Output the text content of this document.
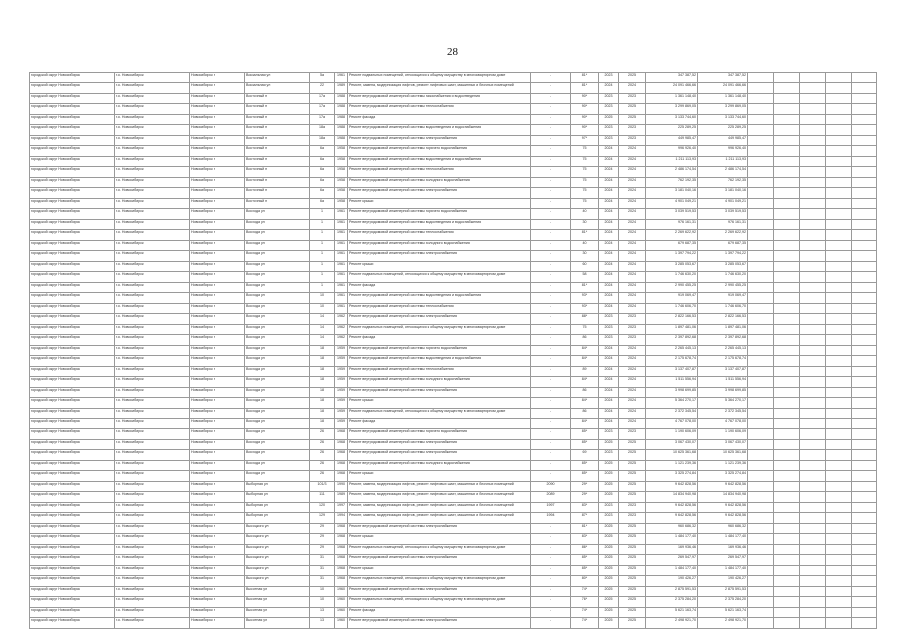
28
городской округ Новосибирск	г.о. Новосибирск	Новосибирск г	Вокзальная ул	5а	1961	Ремонт подвальных помещений, относящихся к общему имуществу в многоквартирном доме	-	81*	2023	2025	347 387,52	347 387,52					
городской округ Новосибирск	г.о. Новосибирск	Новосибирск г	Вокзальная ул	22	1989	Ремонт, замена, модернизация лифтов, ремонт лифтовых шахт, машинных и блочных помещений	-	81*	2024	2024	24 091 466,66	24 091 466,66					
городской округ Новосибирск	г.о. Новосибирск	Новосибирск г	Восточный п	17а	1988	Ремонт внутридомовой инженерной системы газоснабжения и водоотведения	-	90*	2023	2023	1 361 148,40	1 361 148,40					
городской округ Новосибирск	г.о. Новосибирск	Новосибирск г	Восточный п	17а	1988	Ремонт внутридомовой инженерной системы теплоснабжения	-	90*	2023	2025	3 299 869,05	3 299 869,05					
городской округ Новосибирск	г.о. Новосибирск	Новосибирск г	Восточный п	17а	1988	Ремонт фасада	-	90*	2025	2025	3 133 744,60	3 133 744,60					
городской округ Новосибирск	г.о. Новосибирск	Новосибирск г	Восточный п	18а	1988	Ремонт внутридомовой инженерной системы водоотведения и водоснабжения	-	90*	2023	2023	225 289,25	225 289,25					
городской округ Новосибирск	г.о. Новосибирск	Новосибирск г	Восточный п	18а	1988	Ремонт внутридомовой инженерной системы электроснабжения	-	97*	2023	2023	449 985,47	449 985,47					
городской округ Новосибирск	г.о. Новосибирск	Новосибирск г	Восточный п	6а	1958	Ремонт внутридомовой инженерной системы горячего водоснабжения	-	75	2024	2024	996 926,40	996 926,40					
городской округ Новосибирск	г.о. Новосибирск	Новосибирск г	Восточный п	6а	1958	Ремонт внутридомовой инженерной системы водоотведения и водоснабжения	-	75	2024	2024	1 211 113,93	1 211 113,93					
городской округ Новосибирск	г.о. Новосибирск	Новосибирск г	Восточный п	6а	1958	Ремонт внутридомовой инженерной системы теплоснабжения	-	75	2024	2024	2 486 174,54	2 486 174,54					
городской округ Новосибирск	г.о. Новосибирск	Новосибирск г	Восточный п	6а	1958	Ремонт внутридомовой инженерной системы холодного водоснабжения	-	75	2024	2024	762 192,35	762 192,35					
городской округ Новосибирск	г.о. Новосибирск	Новосибирск г	Восточный п	6а	1958	Ремонт внутридомовой инженерной системы электроснабжения	-	75	2024	2024	3 181 040,16	3 181 040,16					
городской округ Новосибирск	г.о. Новосибирск	Новосибирск г	Восточный п	6а	1958	Ремонт крыши	-	75	2024	2024	4 901 049,21	4 901 049,21					
городской округ Новосибирск	г.о. Новосибирск	Новосибирск г	Восхода ул	1	1961	Ремонт внутридомовой инженерной системы горячего водоснабжения	-	40	2024	2024	3 039 519,53	3 039 519,53					
городской округ Новосибирск	г.о. Новосибирск	Новосибирск г	Восхода ул	1	1961	Ремонт внутридомовой инженерной системы водоотведения и водоснабжения	-	30	2024	2024	976 161,31	976 161,31					
городской округ Новосибирск	г.о. Новосибирск	Новосибирск г	Восхода ул	1	1961	Ремонт внутридомовой инженерной системы теплоснабжения	-	81*	2024	2024	2 269 622,92	2 269 622,92					
городской округ Новосибирск	г.о. Новосибирск	Новосибирск г	Восхода ул	1	1961	Ремонт внутридомовой инженерной системы холодного водоснабжения	-	40	2024	2024	679 687,35	679 687,35					
городской округ Новосибирск	г.о. Новосибирск	Новосибирск г	Восхода ул	1	1961	Ремонт внутридомовой инженерной системы электроснабжения	-	30	2024	2024	1 397 794,22	1 397 794,22					
городской округ Новосибирск	г.о. Новосибирск	Новосибирск г	Восхода ул	1	1961	Ремонт крыши	-	60	2024	2024	3 285 053,67	3 285 053,67					
городской округ Новосибирск	г.о. Новосибирск	Новосибирск г	Восхода ул	1	1961	Ремонт подвальных помещений, относящихся к общему имуществу в многоквартирном доме	-	58	2024	2024	1 746 630,20	1 746 630,20					
городской округ Новосибирск	г.о. Новосибирск	Новосибирск г	Восхода ул	1	1961	Ремонт фасада	-	81*	2024	2024	2 990 455,25	2 990 455,25					
городской округ Новосибирск	г.о. Новосибирск	Новосибирск г	Восхода ул	10	1961	Ремонт внутридомовой инженерной системы водоотведения и водоснабжения	-	93*	2024	2024	919 069,47	919 069,47					
городской округ Новосибирск	г.о. Новосибирск	Новосибирск г	Восхода ул	10	1961	Ремонт внутридомовой инженерной системы теплоснабжения	-	93*	2024	2024	1 746 606,70	1 746 606,70					
городской округ Новосибирск	г.о. Новосибирск	Новосибирск г	Восхода ул	14	1962	Ремонт внутридомовой инженерной системы электроснабжения	-	88*	2023	2023	2 822 166,53	2 822 166,53					
городской округ Новосибирск	г.о. Новосибирск	Новосибирск г	Восхода ул	14	1962	Ремонт подвальных помещений, относящихся к общему имуществу в многоквартирном доме	-	75	2023	2023	1 897 481,06	1 897 481,06					
городской округ Новосибирск	г.о. Новосибирск	Новосибирск г	Восхода ул	14	1962	Ремонт фасада	-	86	2023	2023	2 397 892,68	2 397 892,68					
городской округ Новосибирск	г.о. Новосибирск	Новосибирск г	Восхода ул	18	1959	Ремонт внутридомовой инженерной системы горячего водоснабжения	-	84*	2024	2024	2 265 445,13	2 265 445,13					
городской округ Новосибирск	г.о. Новосибирск	Новосибирск г	Восхода ул	18	1959	Ремонт внутридомовой инженерной системы водоотведения и водоснабжения	-	84*	2024	2024	2 175 678,74	2 175 678,74					
городской округ Новосибирск	г.о. Новосибирск	Новосибирск г	Восхода ул	18	1959	Ремонт внутридомовой инженерной системы теплоснабжения	-	89	2024	2024	3 137 407,87	3 137 407,87					
городской округ Новосибирск	г.о. Новосибирск	Новосибирск г	Восхода ул	18	1959	Ремонт внутридомовой инженерной системы холодного водоснабжения	-	84*	2024	2024	1 511 556,94	1 511 556,94					
городской округ Новосибирск	г.о. Новосибирск	Новосибирск г	Восхода ул	18	1959	Ремонт внутридомовой инженерной системы электроснабжения	-	86	2024	2024	3 998 699,85	3 998 699,85					
городской округ Новосибирск	г.о. Новосибирск	Новосибирск г	Восхода ул	18	1959	Ремонт крыши	-	84*	2024	2024	5 364 270,17	5 364 270,17					
городской округ Новосибирск	г.о. Новосибирск	Новосибирск г	Восхода ул	18	1959	Ремонт подвальных помещений, относящихся к общему имуществу в многоквартирном доме	-	86	2024	2024	2 372 345,54	2 372 345,54					
городской округ Новосибирск	г.о. Новосибирск	Новосибирск г	Восхода ул	18	1959	Ремонт фасада	-	84*	2024	2024	4 767 078,00	4 767 078,00					
городской округ Новосибирск	г.о. Новосибирск	Новосибирск г	Восхода ул	26	1968	Ремонт внутридомовой инженерной системы горячего водоснабжения	-	85*	2023	2023	1 190 606,09	1 190 606,09					
городской округ Новосибирск	г.о. Новосибирск	Новосибирск г	Восхода ул	26	1968	Ремонт внутридомовой инженерной системы электроснабжения	-	85*	2025	2025	3 067 430,07	3 067 430,07					
городской округ Новосибирск	г.о. Новосибирск	Новосибирск г	Восхода ул	26	1968	Ремонт внутридомовой инженерной системы электроснабжения	-	69	2023	2025	10 625 361,68	10 625 361,68					
городской округ Новосибирск	г.о. Новосибирск	Новосибирск г	Восхода ул	26	1968	Ремонт внутридомовой инженерной системы холодного водоснабжения	-	85*	2025	2025	1 121 239,36	1 121 239,36					
городской округ Новосибирск	г.о. Новосибирск	Новосибирск г	Восхода ул	26	1968	Ремонт крыши	-	85*	2025	2025	3 325 274,84	3 325 274,84					
городской округ Новосибирск	г.о. Новосибирск	Новосибирск г	Выборная ул	101/3	1990	Ремонт, замена, модернизация лифтов, ремонт лифтовых шахт, машинных и блочных помещений	2090	29*	2025	2025	9 642 828,56	9 642 828,56					
городской округ Новосибирск	г.о. Новосибирск	Новосибирск г	Выборная ул	111	1989	Ремонт, замена, модернизация лифтов, ремонт лифтовых шахт, машинных и блочных помещений	2089	29*	2025	2025	14 834 940,98	14 834 940,98					
городской округ Новосибирск	г.о. Новосибирск	Новосибирск г	Выборная ул	120	1997	Ремонт, замена, модернизация лифтов, ремонт лифтовых шахт, машинных и блочных помещений	1997	83*	2023	2023	9 642 828,56	9 642 828,56					
городской округ Новосибирск	г.о. Новосибирск	Новосибирск г	Выборная ул	129	1994	Ремонт, замена, модернизация лифтов, ремонт лифтовых шахт, машинных и блочных помещений	1994	87*	2023	2023	9 642 828,56	9 642 828,56					
городской округ Новосибирск	г.о. Новосибирск	Новосибирск г	Высоцкого ул	29	1968	Ремонт внутридомовой инженерной системы электроснабжения	-	81*	2025	2025	960 686,32	960 686,32					
городской округ Новосибирск	г.о. Новосибирск	Новосибирск г	Высоцкого ул	29	1968	Ремонт крыши	-	83*	2025	2025	1 484 177,40	1 484 177,40					
городской округ Новосибирск	г.о. Новосибирск	Новосибирск г	Высоцкого ул	29	1968	Ремонт подвальных помещений, относящихся к общему имуществу в многоквартирном доме	-	86*	2025	2025	169 936,46	169 936,46					
городской округ Новосибирск	г.о. Новосибирск	Новосибирск г	Высоцкого ул	31	1968	Ремонт внутридомовой инженерной системы электроснабжения	-	85*	2025	2025	269 547,97	269 547,97					
городской округ Новосибирск	г.о. Новосибирск	Новосибирск г	Высоцкого ул	31	1968	Ремонт крыши	-	85*	2025	2025	1 484 177,40	1 484 177,40					
городской округ Новосибирск	г.о. Новосибирск	Новосибирск г	Высоцкого ул	31	1968	Ремонт подвальных помещений, относящихся к общему имуществу в многоквартирном доме	-	80*	2025	2025	190 426,27	190 426,27					
городской округ Новосибирск	г.о. Новосибирск	Новосибирск г	Высотная ул	10	1960	Ремонт внутридомовой инженерной системы электроснабжения	-	74*	2025	2025	2 875 591,53	2 875 591,53					
городской округ Новосибирск	г.о. Новосибирск	Новосибирск г	Высотная ул	10	1960	Ремонт подвальных помещений, относящихся к общему имуществу в многоквартирном доме	-	76*	2025	2025	2 375 284,20	2 375 284,20					
городской округ Новосибирск	г.о. Новосибирск	Новосибирск г	Высотная ул	13	1960	Ремонт фасада	-	74*	2025	2025	5 621 163,74	5 621 163,74					
городской округ Новосибирск	г.о. Новосибирск	Новосибирск г	Высотная ул	13	1960	Ремонт внутридомовой инженерной системы электроснабжения	-	74*	2025	2025	2 498 921,70	2 498 921,70					
